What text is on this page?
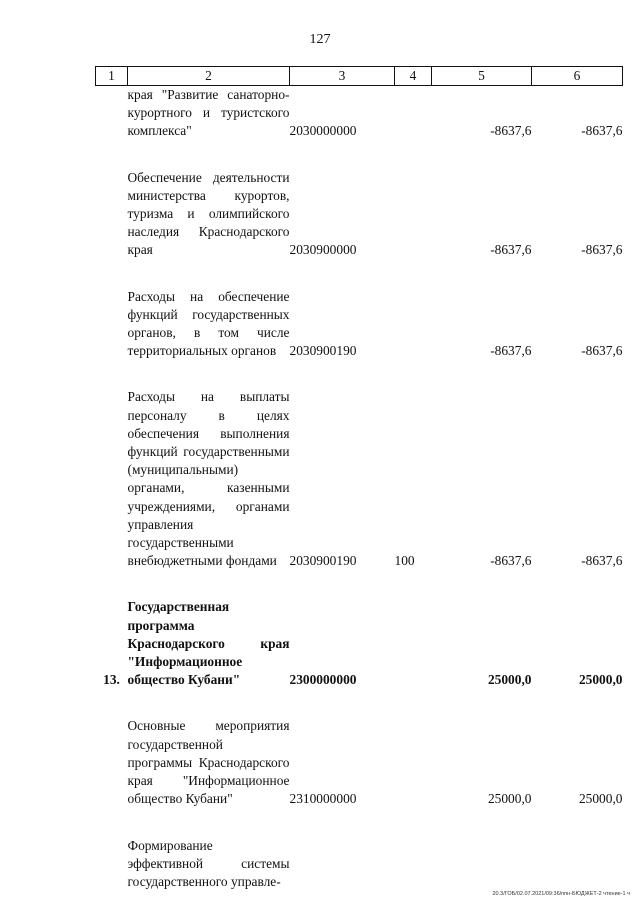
127
1	2	3	4	5	6
	края "Развитие санаторно-курортного и туристского комплекса"	2030000000		-8637,6	-8637,6
	Обеспечение деятельности министерства курортов, туризма и олимпийского наследия Краснодарского края	2030900000		-8637,6	-8637,6
	Расходы на обеспечение функций государственных органов, в том числе территориальных органов	2030900190		-8637,6	-8637,6
	Расходы на выплаты персоналу в целях обеспечения выполнения функций государственными (муниципальными) органами, казенными учреждениями, органами управления государственными внебюджетными фондами	2030900190	100	-8637,6	-8637,6
13.	Государственная программа Краснодарского края "Информационное общество Кубани"	2300000000		25000,0	25000,0
	Основные мероприятия государственной программы Краснодарского края "Информационное общество Кубани"	2310000000		25000,0	25000,0
	Формирование эффективной системы государственного управле-				
20.3/ГОБ/02.07.2021/09:36/ппн-БЮДЖЕТ-2 чтение-1 ч
